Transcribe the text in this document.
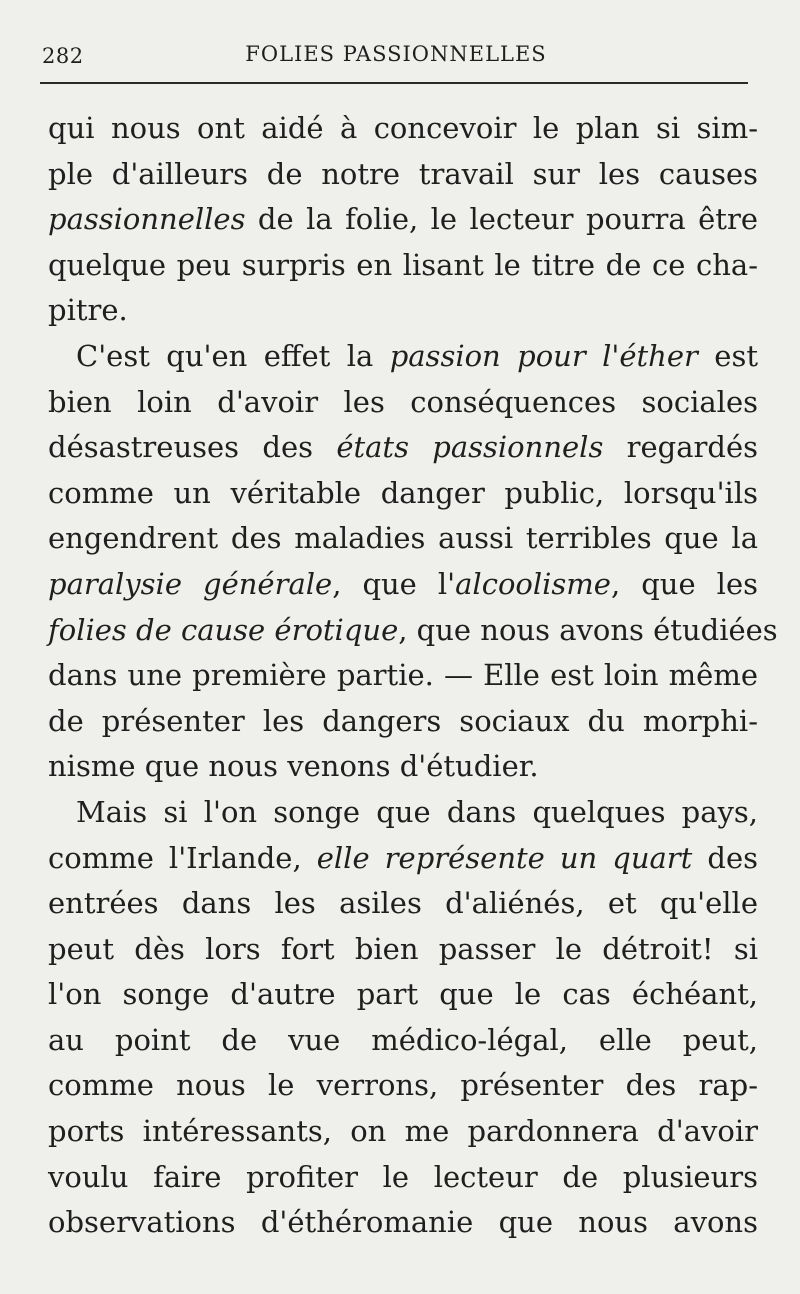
282	FOLIES PASSIONNELLES
qui nous ont aidé à concevoir le plan si sim-
ple d'ailleurs de notre travail sur les causes
passionnelles de la folie, le lecteur pourra être
quelque peu surpris en lisant le titre de ce cha-
pitre.
C'est qu'en effet la passion pour l'éther est
bien loin d'avoir les conséquences sociales
désastreuses des états passionnels regardés
comme un véritable danger public, lorsqu'ils
engendrent des maladies aussi terribles que la
paralysie générale, que l'alcoolisme, que les
folies de cause érotique, que nous avons étudiées
dans une première partie. — Elle est loin même
de présenter les dangers sociaux du morphi-
nisme que nous venons d'étudier.
Mais si l'on songe que dans quelques pays,
comme l'Irlande, elle représente un quart des
entrées dans les asiles d'aliénés, et qu'elle
peut dès lors fort bien passer le détroit! si
l'on songe d'autre part que le cas échéant,
au point de vue médico-légal, elle peut,
comme nous le verrons, présenter des rap-
ports intéressants, on me pardonnera d'avoir
voulu faire profiter le lecteur de plusieurs
observations d'éthéromanie que nous avons
